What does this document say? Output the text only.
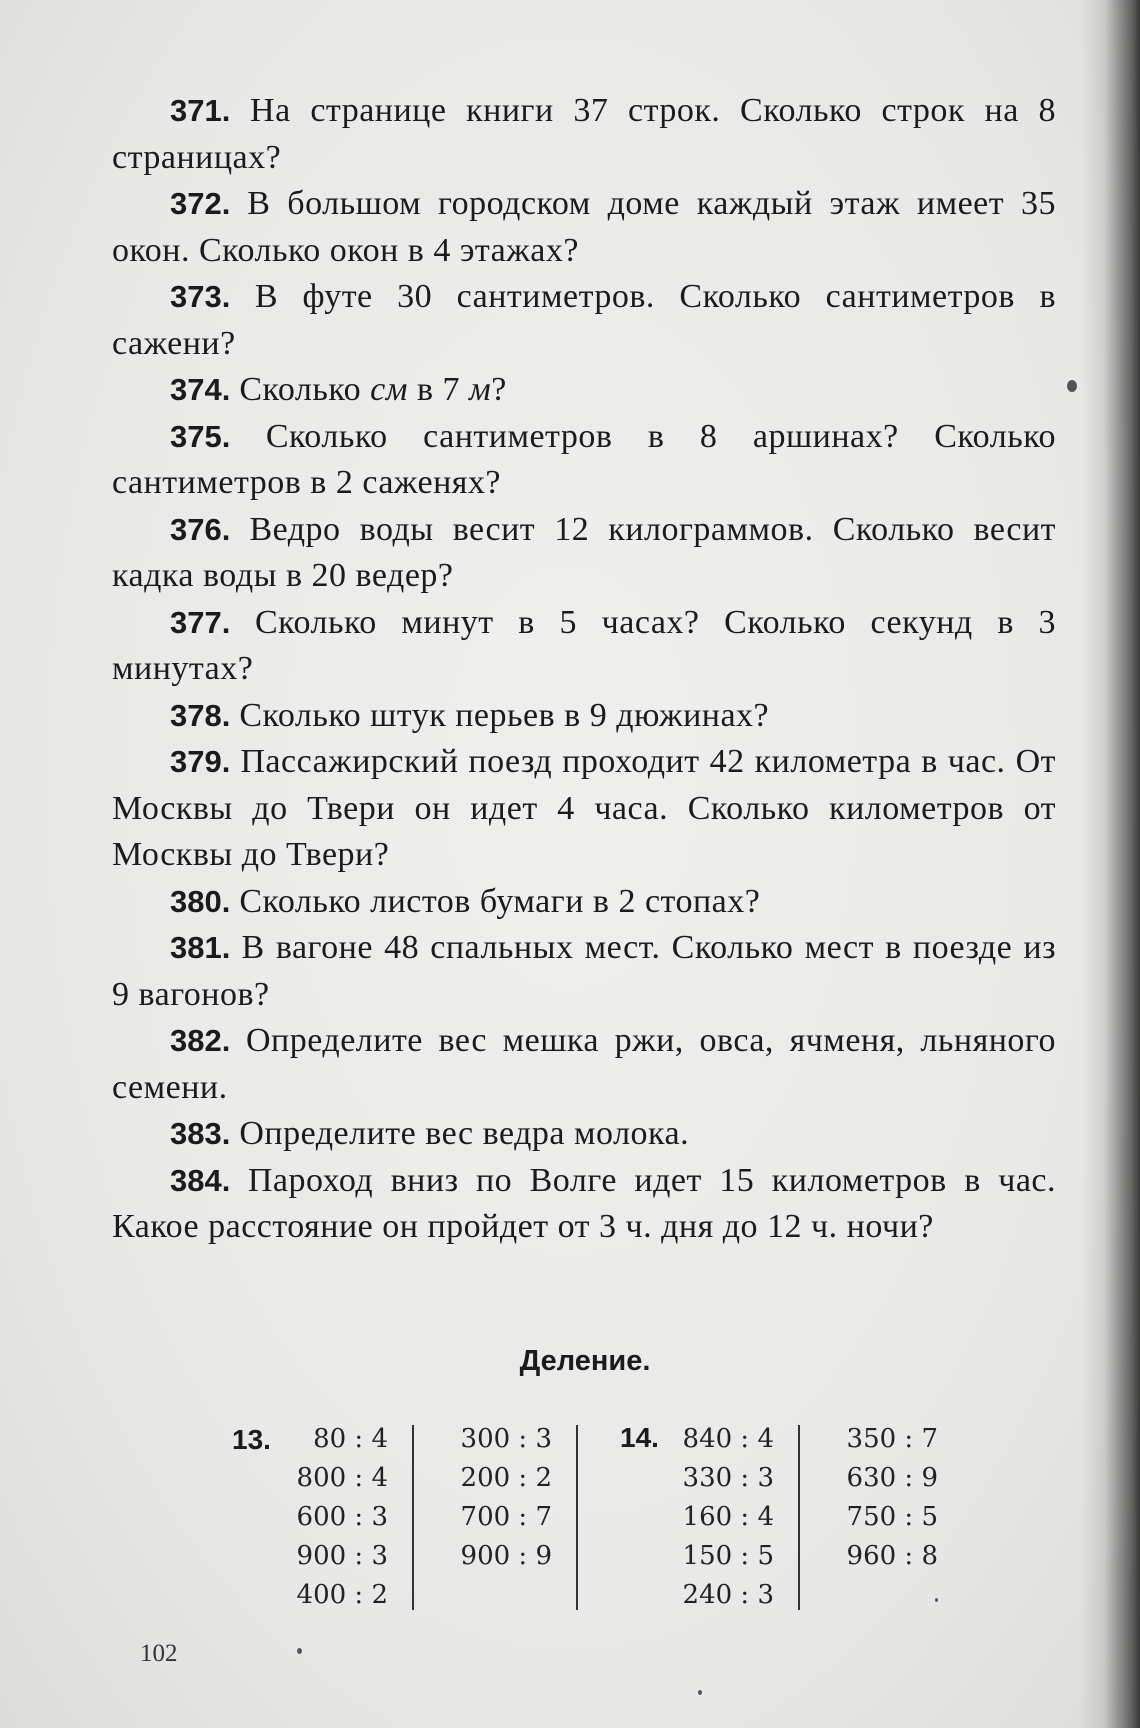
371. На странице книги 37 строк. Сколько строк на 8 страницах?

372. В большом городском доме каждый этаж имеет 35 окон. Сколько окон в 4 этажах?

373. В футе 30 сантиметров. Сколько сантиметров в сажени?

374. Сколько см в 7 м?

375. Сколько сантиметров в 8 аршинах? Сколько сантиметров в 2 саженях?

376. Ведро воды весит 12 килограммов. Сколько весит кадка воды в 20 ведер?

377. Сколько минут в 5 часах? Сколько секунд в 3 минутах?

378. Сколько штук перьев в 9 дюжинах?

379. Пассажирский поезд проходит 42 километра в час. От Москвы до Твери он идет 4 часа. Сколько километров от Москвы до Твери?

380. Сколько листов бумаги в 2 стопах?

381. В вагоне 48 спальных мест. Сколько мест в поезде из 9 вагонов?

382. Определите вес мешка ржи, овса, ячменя, льняного семени.

383. Определите вес ведра молока.

384. Пароход вниз по Волге идет 15 километров в час. Какое расстояние он пройдет от 3 ч. дня до 12 ч. ночи?

Деление.
13.	80 : 4
800 : 4
600 : 3
900 : 3
400 : 2
300 : 3
200 : 2
700 : 7
900 : 9
14. 840 : 4
330 : 3
160 : 4
150 : 5
240 : 3
350 : 7
630 : 9
750 : 5
960 : 8
102
